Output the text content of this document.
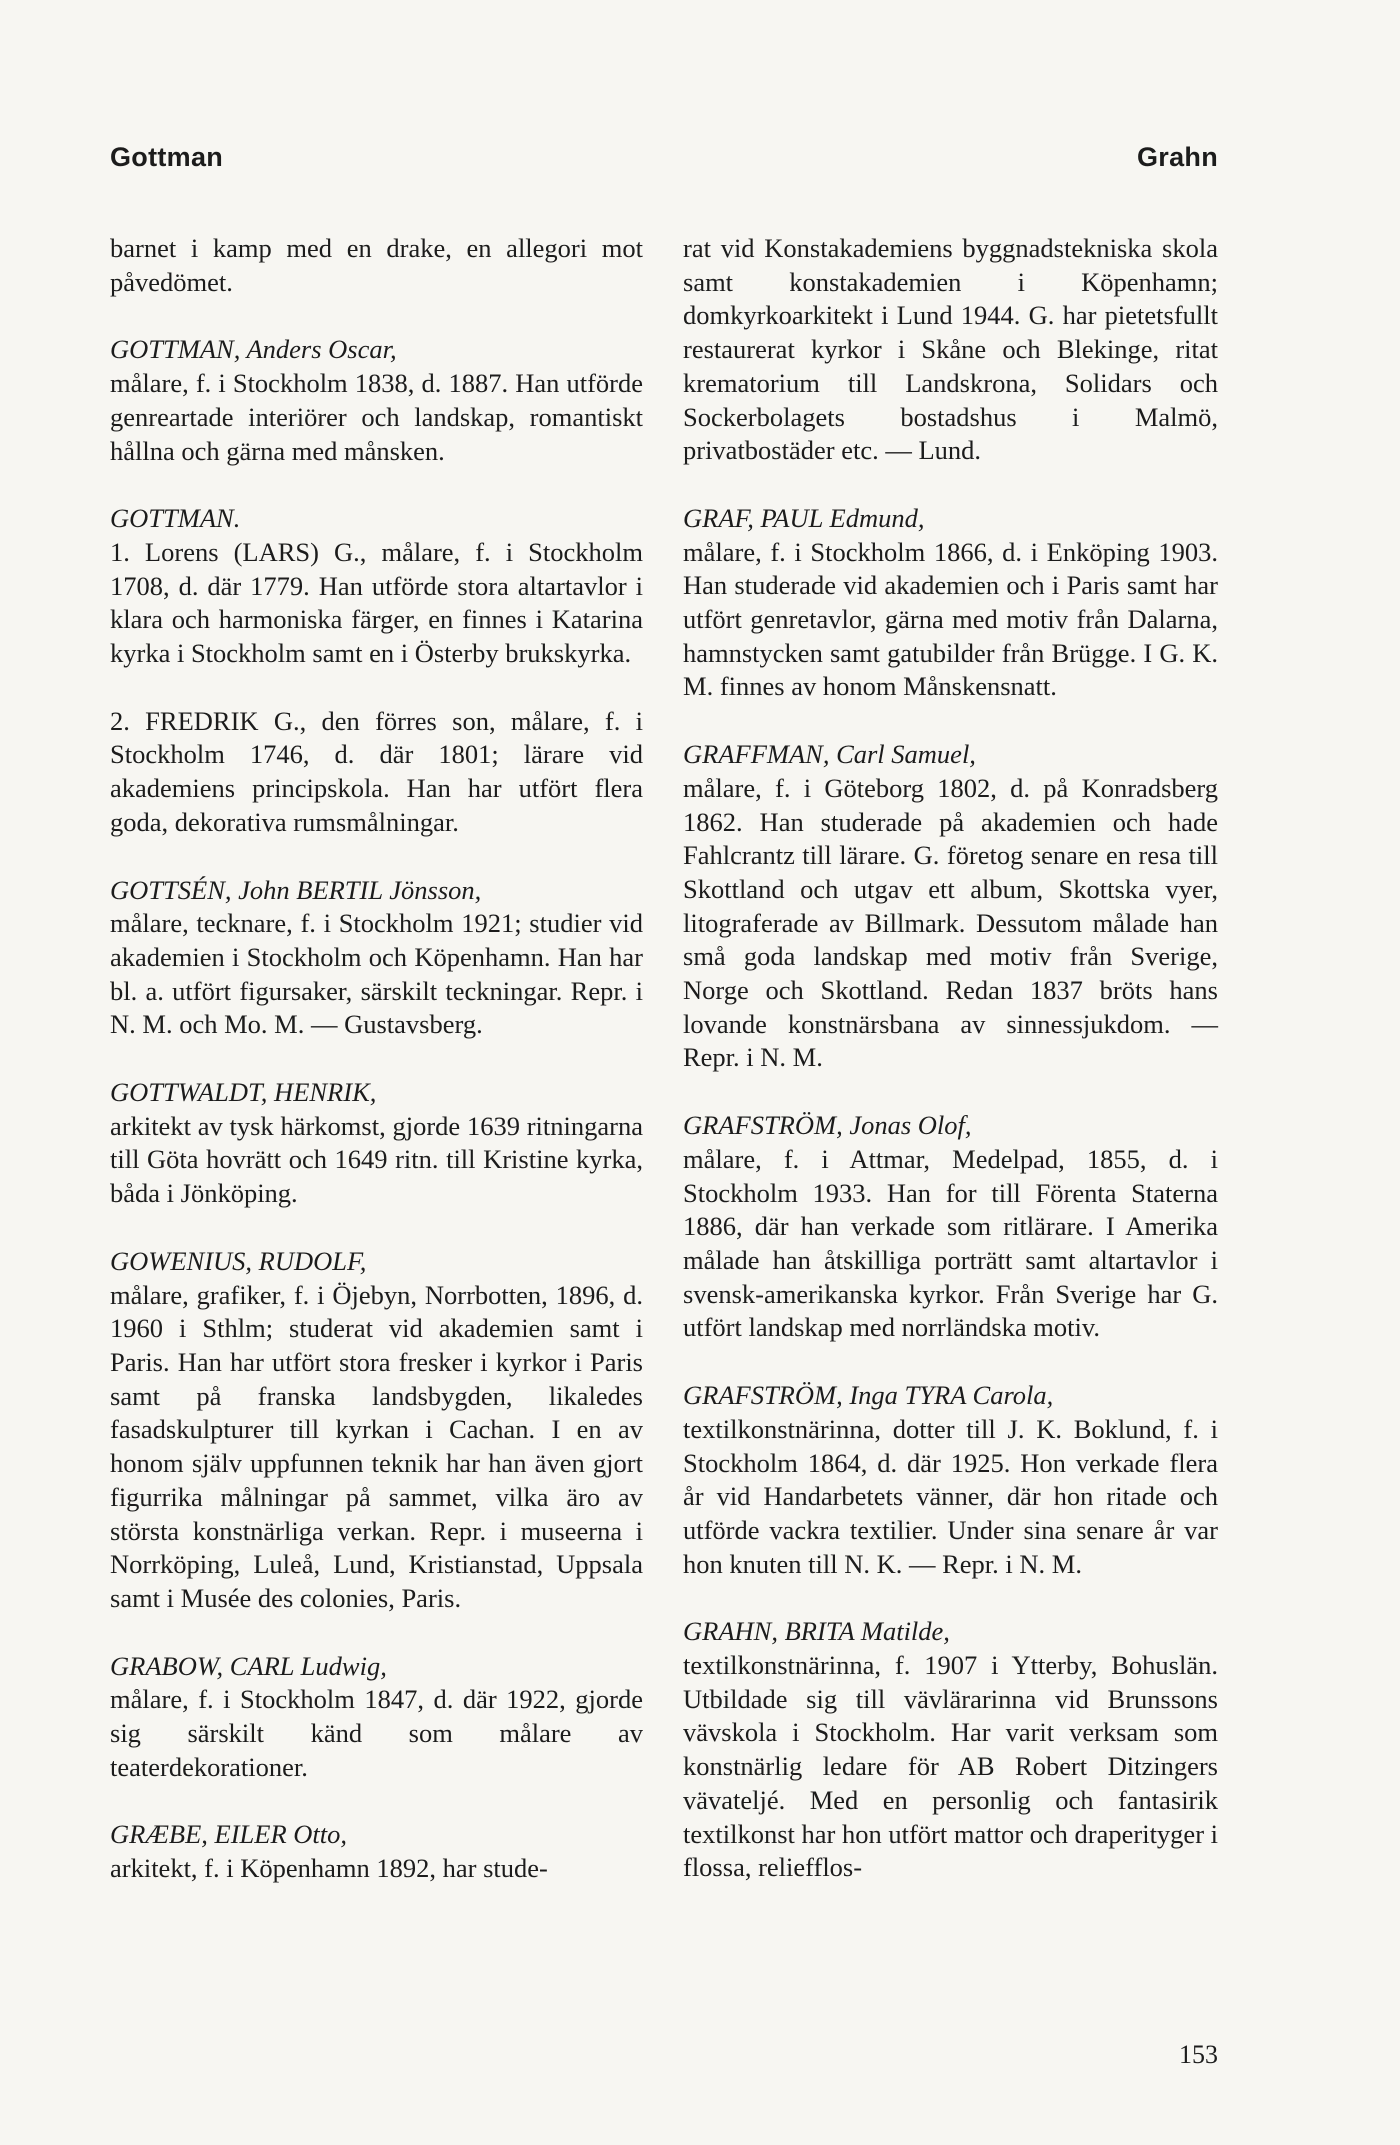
Gottman	Grahn

barnet i kamp med en drake, en allegori mot påvedömet.

GOTTMAN, Anders Oscar,

målare, f. i Stockholm 1838, d. 1887. Han utförde genreartade interiörer och landskap, romantiskt hållna och gärna med månsken.

GOTTMAN.

1. Lorens (LARS) G., målare, f. i Stockholm 1708, d. där 1779. Han utförde stora altartavlor i klara och harmoniska färger, en finnes i Katarina kyrka i Stockholm samt en i Österby brukskyrka.

2. FREDRIK G., den förres son, målare, f. i Stockholm 1746, d. där 1801; lärare vid akademiens principskola. Han har utfört flera goda, dekorativa rumsmålningar.

GOTTSÉN, John BERTIL Jönsson,

målare, tecknare, f. i Stockholm 1921; studier vid akademien i Stockholm och Köpenhamn. Han har bl. a. utfört figursaker, särskilt teckningar. Repr. i N. M. och Mo. M. — Gustavsberg.

GOTTWALDT, HENRIK,

arkitekt av tysk härkomst, gjorde 1639 ritningarna till Göta hovrätt och 1649 ritn. till Kristine kyrka, båda i Jönköping.

GOWENIUS, RUDOLF,

målare, grafiker, f. i Öjebyn, Norrbotten, 1896, d. 1960 i Sthlm; studerat vid akademien samt i Paris. Han har utfört stora fresker i kyrkor i Paris samt på franska landsbygden, likaledes fasadskulpturer till kyrkan i Cachan. I en av honom själv uppfunnen teknik har han även gjort figurrika målningar på sammet, vilka äro av största konstnärliga verkan. Repr. i museerna i Norrköping, Luleå, Lund, Kristianstad, Uppsala samt i Musée des colonies, Paris.

GRABOW, CARL Ludwig,

målare, f. i Stockholm 1847, d. där 1922, gjorde sig särskilt känd som målare av teaterdekorationer.

GRÆBE, EILER Otto,

arkitekt, f. i Köpenhamn 1892, har stude-

rat vid Konstakademiens byggnadstekniska skola samt konstakademien i Köpenhamn; domkyrkoarkitekt i Lund 1944. G. har pietetsfullt restaurerat kyrkor i Skåne och Blekinge, ritat krematorium till Landskrona, Solidars och Sockerbolagets bostadshus i Malmö, privatbostäder etc. — Lund.

GRAF, PAUL Edmund,

målare, f. i Stockholm 1866, d. i Enköping 1903. Han studerade vid akademien och i Paris samt har utfört genretavlor, gärna med motiv från Dalarna, hamnstycken samt gatubilder från Brügge. I G. K. M. finnes av honom Månskensnatt.

GRAFFMAN, Carl Samuel,

målare, f. i Göteborg 1802, d. på Konradsberg 1862. Han studerade på akademien och hade Fahlcrantz till lärare. G. företog senare en resa till Skottland och utgav ett album, Skottska vyer, litograferade av Billmark. Dessutom målade han små goda landskap med motiv från Sverige, Norge och Skottland. Redan 1837 bröts hans lovande konstnärsbana av sinnessjukdom. — Repr. i N. M.

GRAFSTRÖM, Jonas Olof,

målare, f. i Attmar, Medelpad, 1855, d. i Stockholm 1933. Han for till Förenta Staterna 1886, där han verkade som ritlärare. I Amerika målade han åtskilliga porträtt samt altartavlor i svensk-amerikanska kyrkor. Från Sverige har G. utfört landskap med norrländska motiv.

GRAFSTRÖM, Inga TYRA Carola,

textilkonstnärinna, dotter till J. K. Boklund, f. i Stockholm 1864, d. där 1925. Hon verkade flera år vid Handarbetets vänner, där hon ritade och utförde vackra textilier. Under sina senare år var hon knuten till N. K. — Repr. i N. M.

GRAHN, BRITA Matilde,

textilkonstnärinna, f. 1907 i Ytterby, Bohuslän. Utbildade sig till vävlärarinna vid Brunssons vävskola i Stockholm. Har varit verksam som konstnärlig ledare för AB Robert Ditzingers vävateljé. Med en personlig och fantasirik textilkonst har hon utfört mattor och draperityger i flossa, reliefflos-

153
